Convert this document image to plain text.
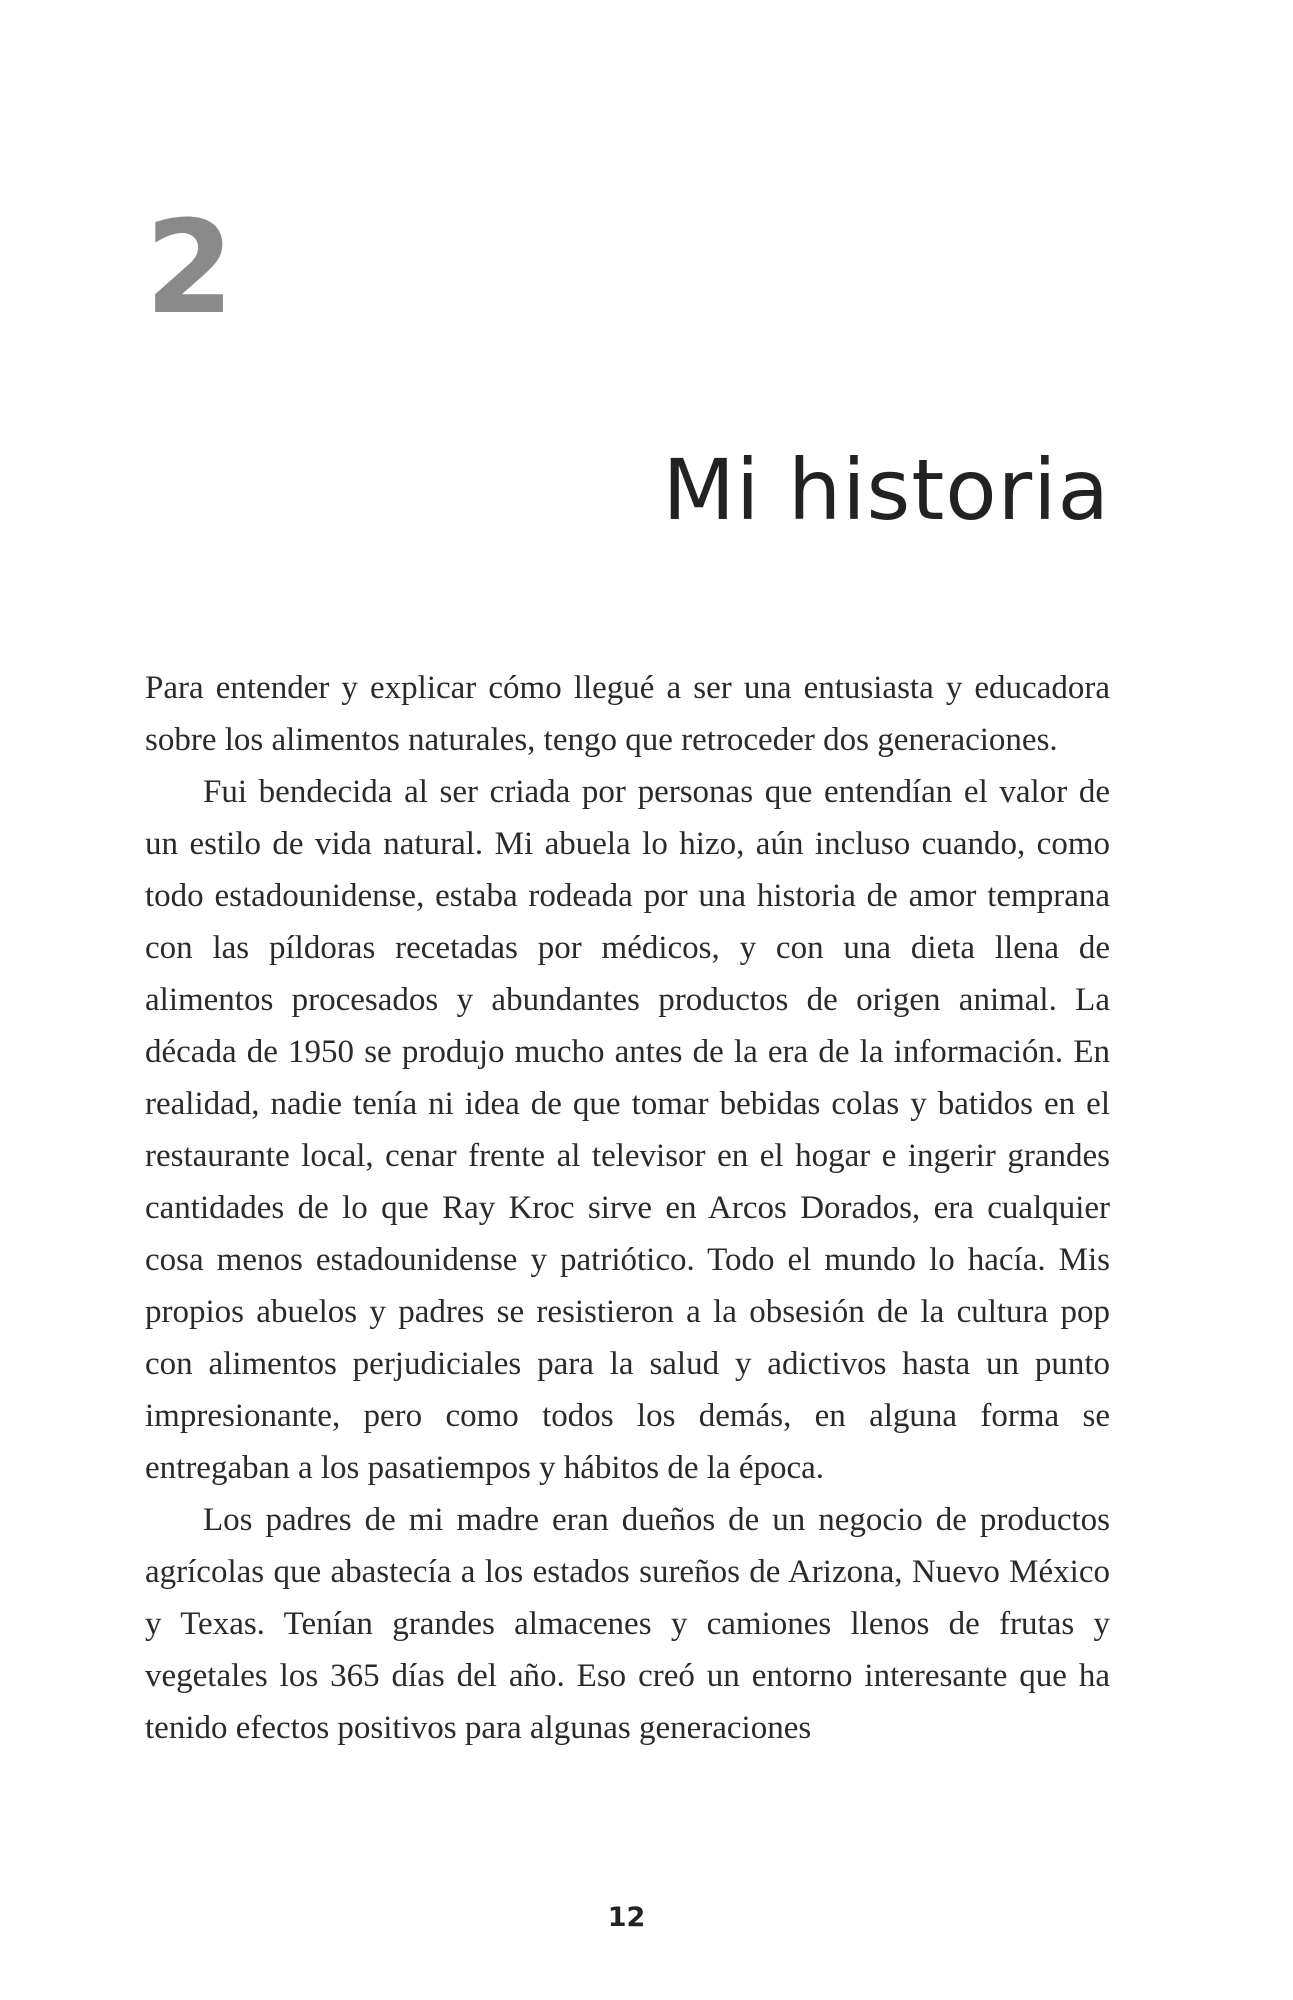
2
Mi historia

Para entender y explicar cómo llegué a ser una entusiasta y educadora sobre los alimentos naturales, tengo que retroceder dos generaciones.

Fui bendecida al ser criada por personas que entendían el valor de un estilo de vida natural. Mi abuela lo hizo, aún incluso cuando, como todo estadounidense, estaba rodeada por una historia de amor temprana con las píldoras recetadas por médicos, y con una dieta llena de alimentos procesados y abundantes productos de origen animal. La década de 1950 se produjo mucho antes de la era de la información. En realidad, nadie tenía ni idea de que tomar bebidas colas y batidos en el restaurante local, cenar frente al televisor en el hogar e ingerir grandes cantidades de lo que Ray Kroc sirve en Arcos Dorados, era cualquier cosa menos estadounidense y patriótico. Todo el mundo lo hacía. Mis propios abuelos y padres se resistieron a la obsesión de la cultura pop con alimentos perjudiciales para la salud y adictivos hasta un punto impresionante, pero como todos los demás, en alguna forma se entregaban a los pasatiempos y hábitos de la época.

Los padres de mi madre eran dueños de un negocio de productos agrícolas que abastecía a los estados sureños de Arizona, Nuevo México y Texas. Tenían grandes almacenes y camiones llenos de frutas y vegetales los 365 días del año. Eso creó un entorno interesante que ha tenido efectos positivos para algunas generaciones

12
